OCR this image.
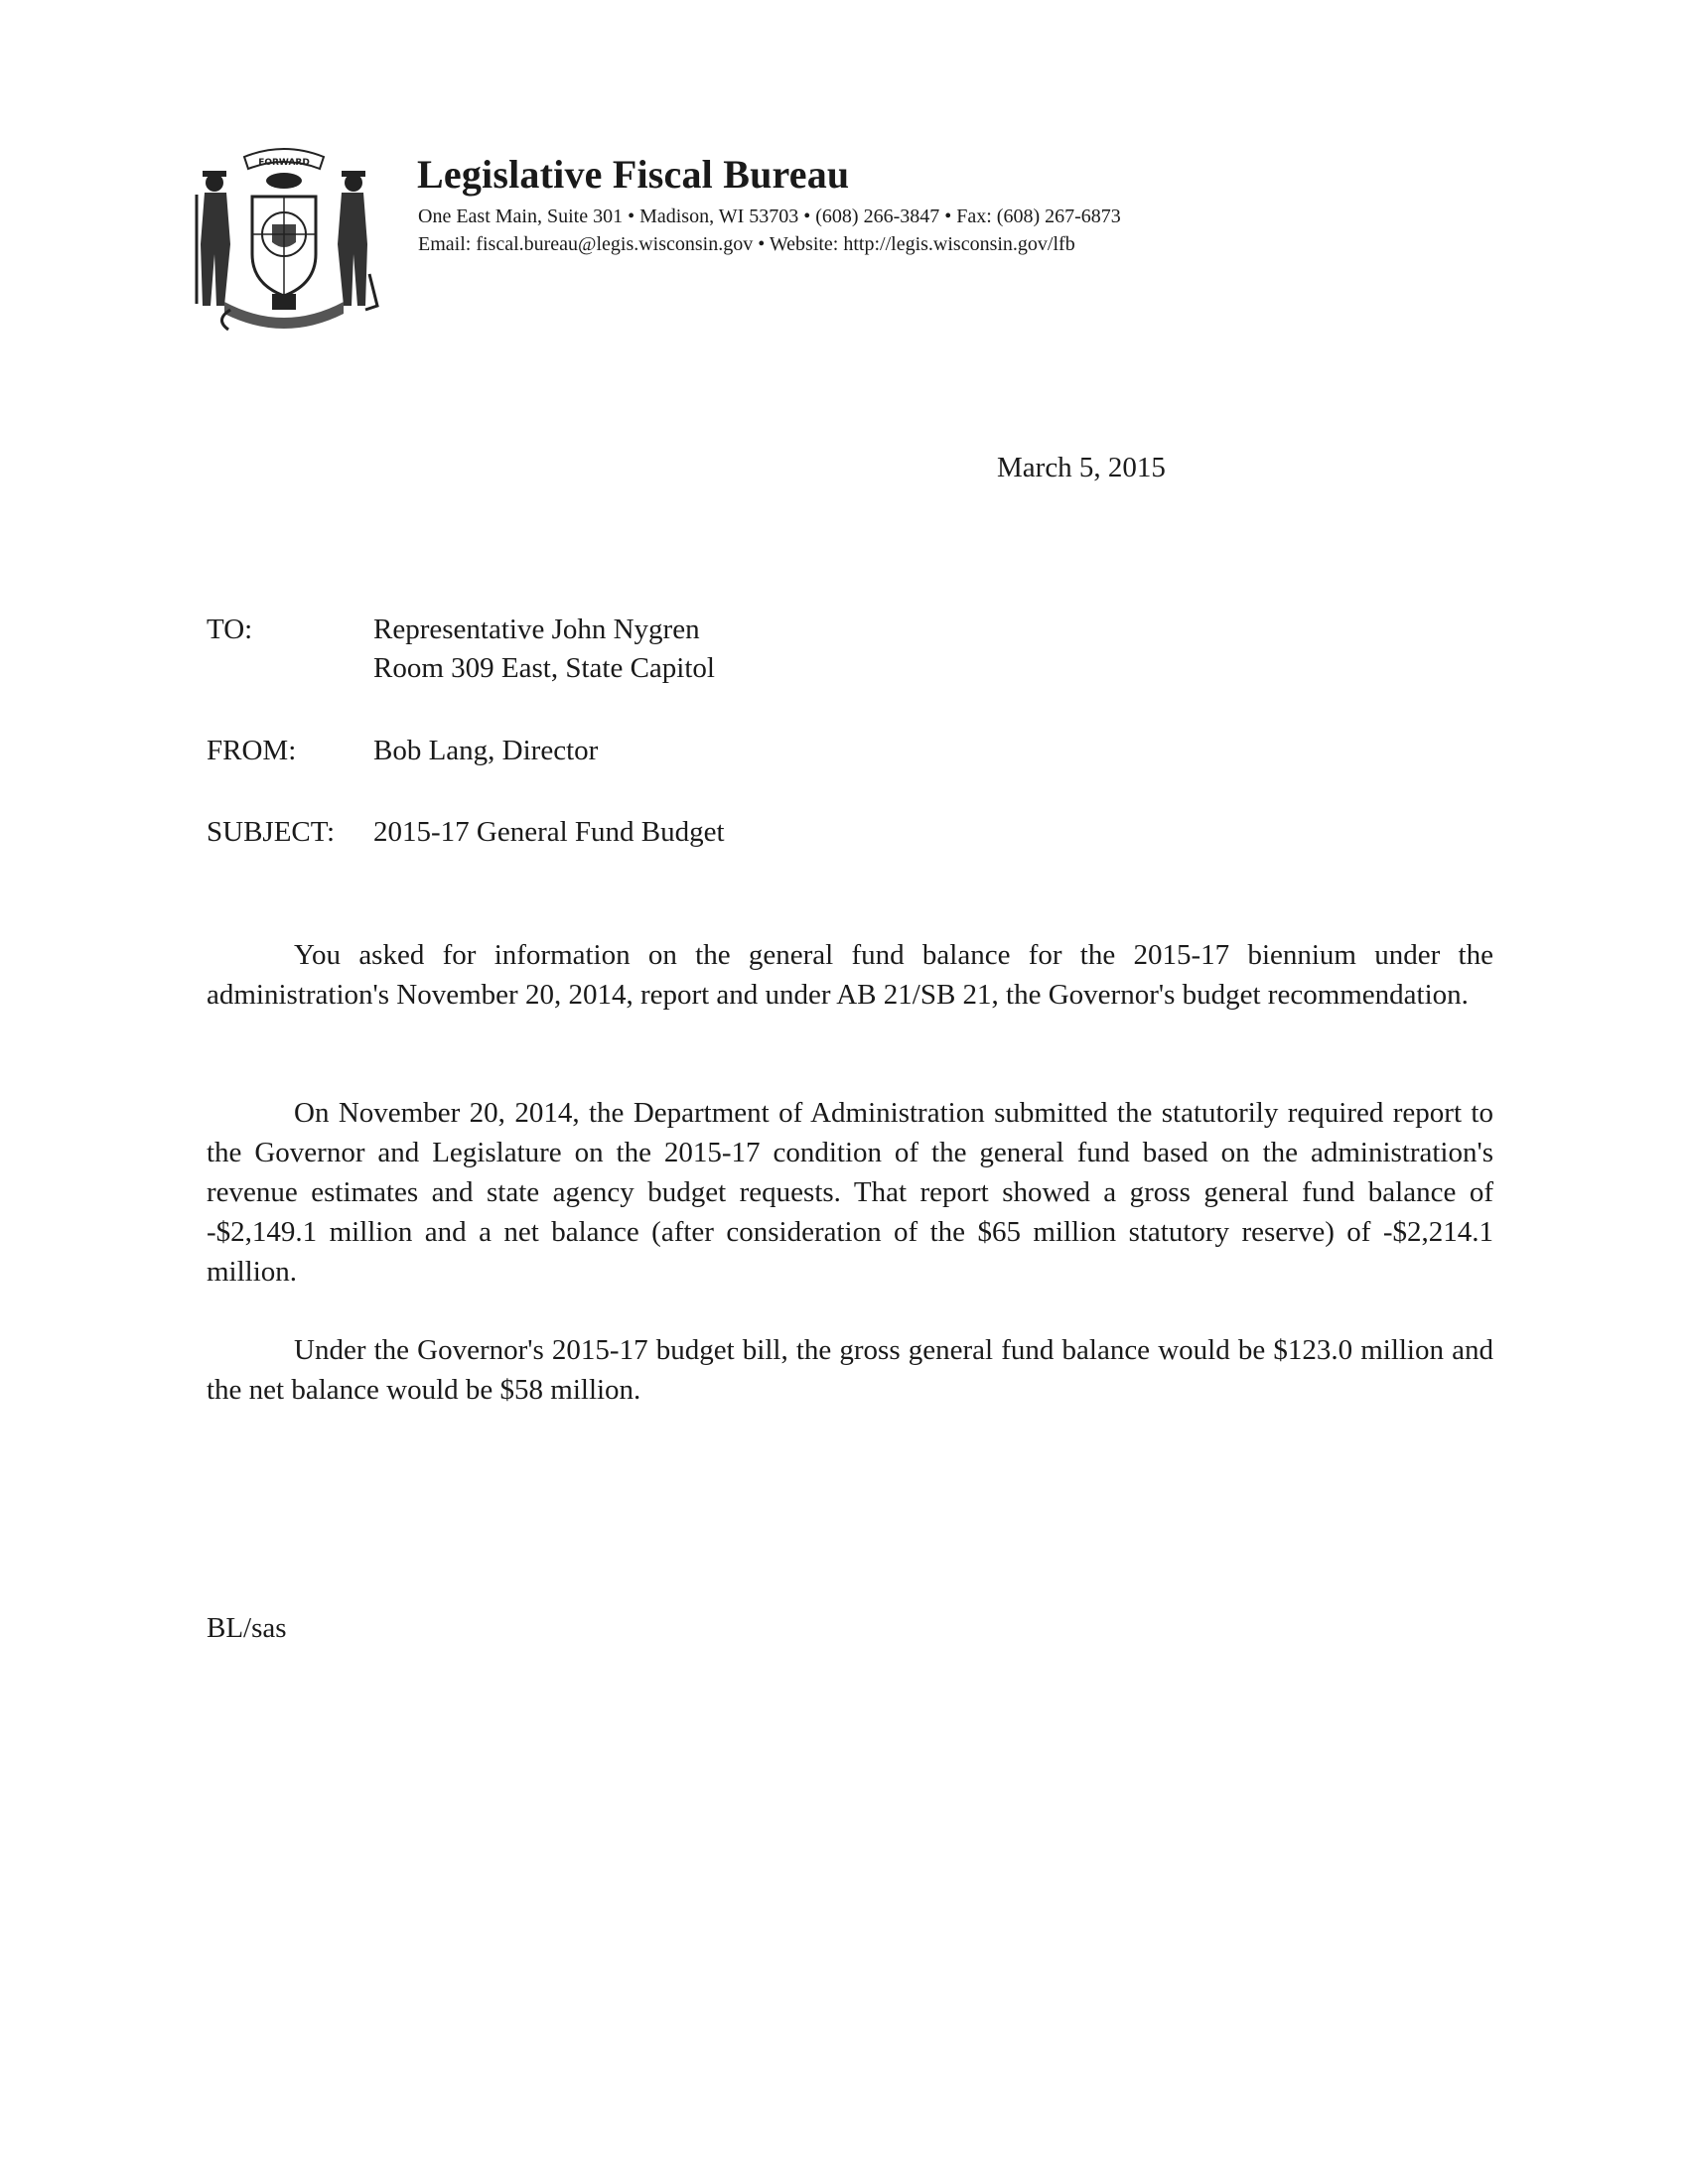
FORWARD	Legislative Fiscal Bureau
One East Main, Suite 301 • Madison, WI 53703 • (608) 266-3847 • Fax: (608) 267-6873
Email: fiscal.bureau@legis.wisconsin.gov • Website: http://legis.wisconsin.gov/lfb
March 5, 2015
TO:	Representative John Nygren
Room 309 East, State Capitol
FROM:	Bob Lang, Director
SUBJECT: 2015-17 General Fund Budget

You asked for information on the general fund balance for the 2015-17 biennium under the administration's November 20, 2014, report and under AB 21/SB 21, the Governor's budget recommendation.

On November 20, 2014, the Department of Administration submitted the statutorily required report to the Governor and Legislature on the 2015-17 condition of the general fund based on the administration's revenue estimates and state agency budget requests. That report showed a gross general fund balance of -$2,149.1 million and a net balance (after consideration of the $65 million statutory reserve) of -$2,214.1 million.

Under the Governor's 2015-17 budget bill, the gross general fund balance would be $123.0 million and the net balance would be $58 million.

BL/sas
